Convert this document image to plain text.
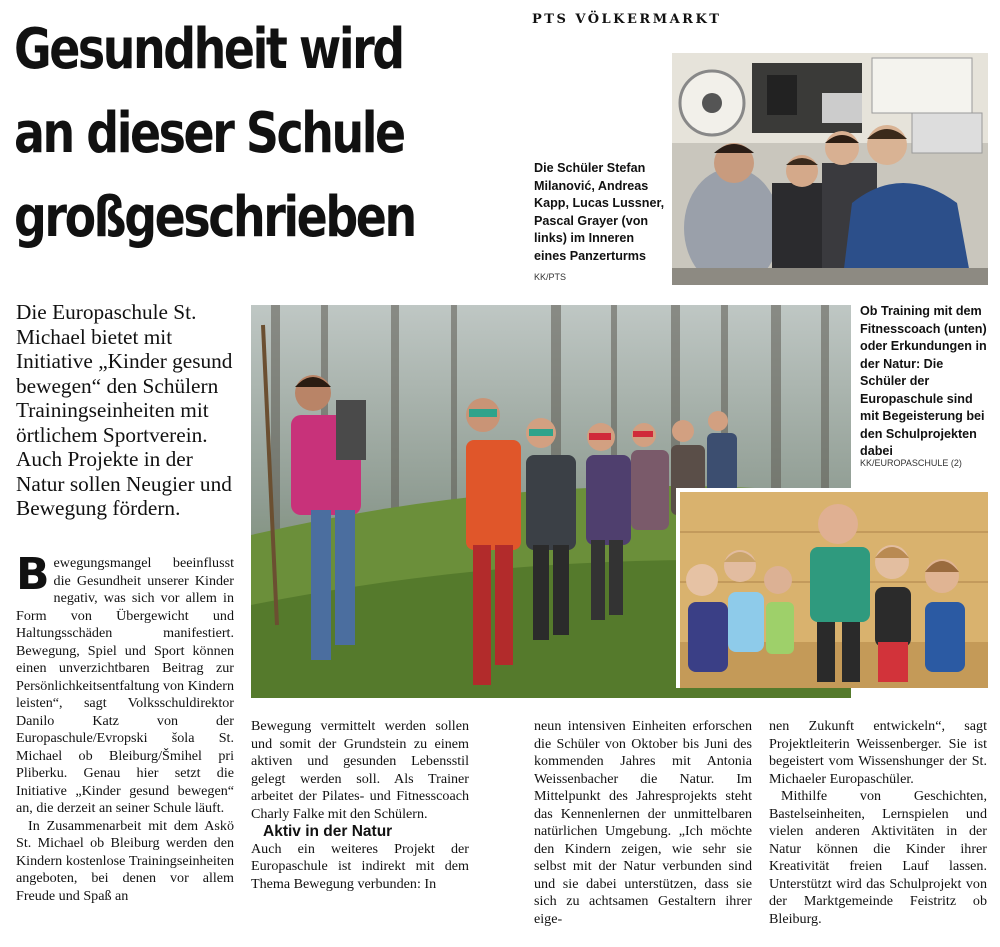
PTS VÖLKERMARKT
Gesundheit wird
an dieser Schule
großgeschrieben
Die Schüler Stefan Milanović, Andreas Kapp, Lucas Lussner, Pascal Grayer (von links) im Inneren eines Panzerturms
KK/PTS
Die Europaschule St. Michael bietet mit Initiative „Kinder gesund bewegen“ den Schülern Trainingseinheiten mit örtlichem Sportverein. Auch Projekte in der Natur sollen Neugier und Bewegung fördern.
Ob Training mit dem Fitnesscoach (unten) oder Erkundungen in der Natur: Die Schüler der Europaschule sind mit Begeisterung bei den Schulprojekten dabei
KK/EUROPASCHULE (2)

Bewegungsmangel beeinflusst die Gesundheit unserer Kinder negativ, was sich vor allem in Form von Übergewicht und Haltungsschäden manifestiert. Bewegung, Spiel und Sport können einen unverzichtbaren Beitrag zur Persönlichkeitsentfaltung von Kindern leisten“, sagt Volksschuldirektor Danilo Katz von der Europaschule/Evropski šola St. Michael ob Bleiburg/Šmihel pri Pliberku. Genau hier setzt die Initiative „Kinder gesund bewegen“ an, die derzeit an seiner Schule läuft.

In Zusammenarbeit mit dem Askö St. Michael ob Bleiburg werden den Kindern kostenlose Trainingseinheiten angeboten, bei denen vor allem Freude und Spaß an

Bewegung vermittelt werden sollen und somit der Grundstein zu einem aktiven und gesunden Lebensstil gelegt werden soll. Als Trainer arbeitet der Pilates- und Fitnesscoach Charly Falke mit den Schülern.

Aktiv in der Natur

Auch ein weiteres Projekt der Europaschule ist indirekt mit dem Thema Bewegung verbunden: In

neun intensiven Einheiten erforschen die Schüler von Oktober bis Juni des kommenden Jahres mit Antonia Weissenbacher die Natur. Im Mittelpunkt des Jahresprojekts steht das Kennenlernen der unmittelbaren natürlichen Umgebung. „Ich möchte den Kindern zeigen, wie sehr sie selbst mit der Natur verbunden sind und sie dabei unterstützen, dass sie sich zu achtsamen Gestaltern ihrer eige-

nen Zukunft entwickeln“, sagt Projektleiterin Weissenberger. Sie ist begeistert vom Wissenshunger der St. Michaeler Europaschüler.

Mithilfe von Geschichten, Bastelseinheiten, Lernspielen und vielen anderen Aktivitäten in der Natur können die Kinder ihrer Kreativität freien Lauf lassen. Unterstützt wird das Schulprojekt von der Marktgemeinde Feistritz ob Bleiburg.
